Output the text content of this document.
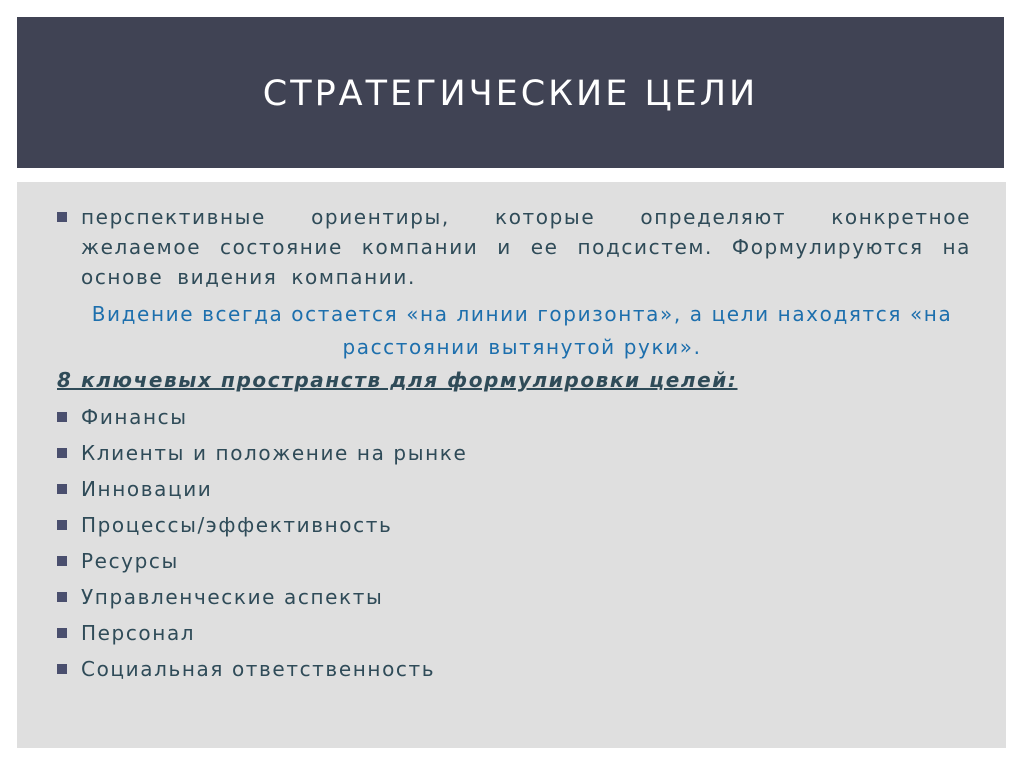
СТРАТЕГИЧЕСКИЕ ЦЕЛИ
перспективные ориентиры, которые определяют конкретное желаемое состояние компании и ее подсистем. Формулируются на основе видения компании.
Видение всегда остается «на линии горизонта», а цели находятся «на расстоянии вытянутой руки».
8 ключевых пространств для формулировки целей:
Финансы
Клиенты и положение на рынке
Инновации
Процессы/эффективность
Ресурсы
Управленческие аспекты
Персонал
Социальная ответственность
